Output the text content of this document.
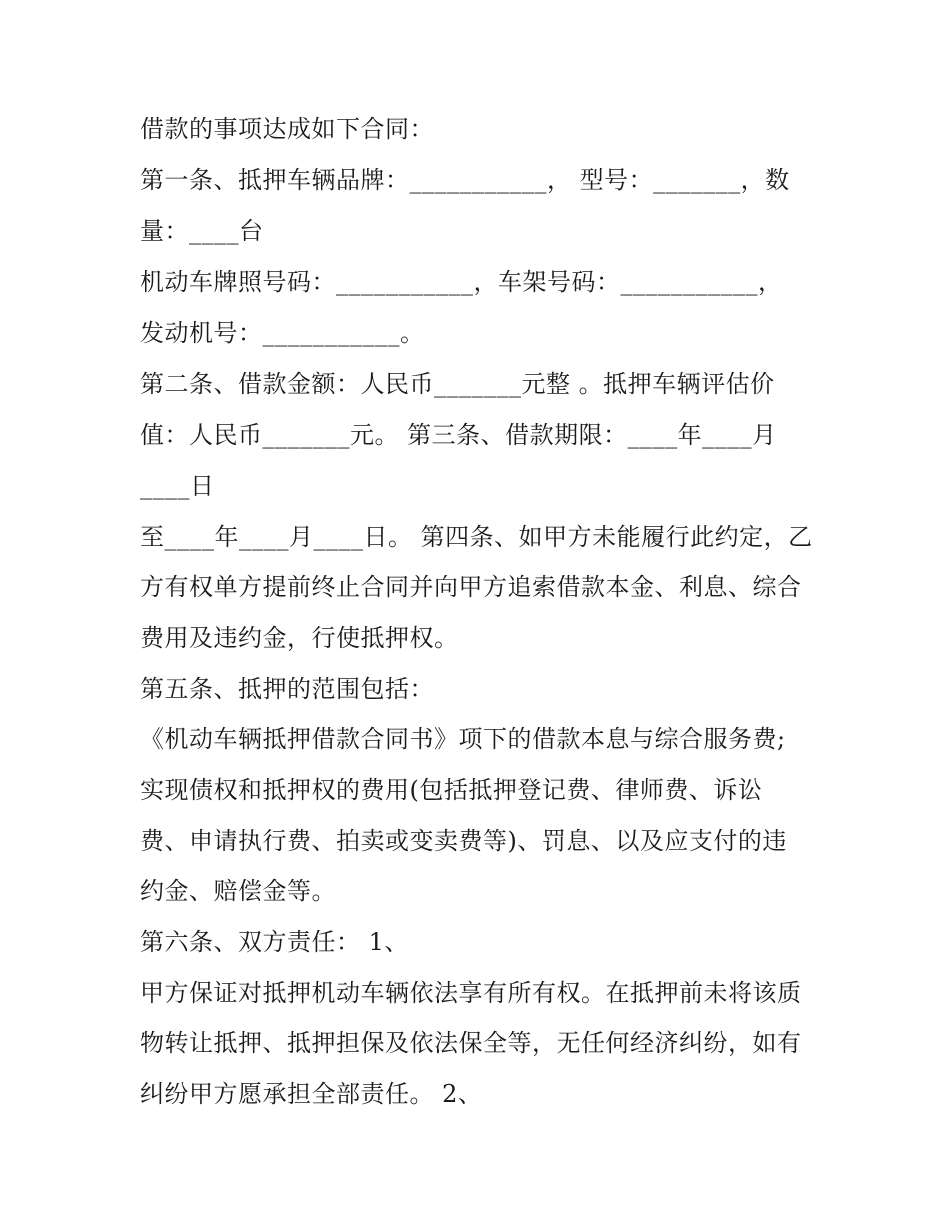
借款的事项达成如下合同：
第一条、抵押车辆品牌：___________， 型号：_______，数
量：____台
机动车牌照号码：___________，车架号码：___________，
发动机号：___________。
第二条、借款金额：人民币_______元整 。抵押车辆评估价
值：人民币_______元。 第三条、借款期限：____年____月
____日
至____年____月____日。 第四条、如甲方未能履行此约定，乙
方有权单方提前终止合同并向甲方追索借款本金、利息、综合
费用及违约金，行使抵押权。
第五条、抵押的范围包括：
《机动车辆抵押借款合同书》项下的借款本息与综合服务费;
实现债权和抵押权的费用(包括抵押登记费、律师费、诉讼
费、申请执行费、拍卖或变卖费等)、罚息、以及应支付的违
约金、赔偿金等。
第六条、双方责任： 1、
甲方保证对抵押机动车辆依法享有所有权。在抵押前未将该质
物转让抵押、抵押担保及依法保全等，无任何经济纠纷，如有
纠纷甲方愿承担全部责任。 2、
